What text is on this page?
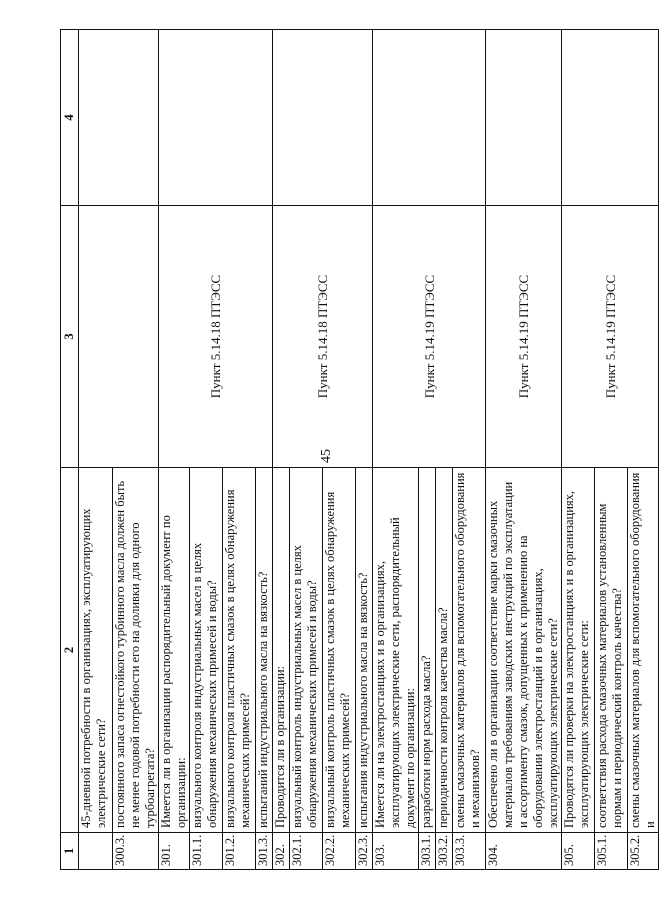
45
1	2	3	4
	45-дневной потребности в организациях, эксплуатирующих электрические сети?		
300.3.	постоянного запаса огнестойкого турбинного масла должен быть не менее годовой потребности его на доливки для одного турбоагрегата?		
301.	Имеется ли в организации распорядительный документ по организации:	Пункт 5.14.18 ПТЭСС	
301.1.	визуального контроля индустриальных масел в целях обнаружения механических примесей и воды?		
301.2.	визуального контроля пластичных смазок в целях обнаружения механических примесей?		
301.3.	испытаний индустриального масла на вязкость?		
302.	Проводится ли в организации:	Пункт 5.14.18 ПТЭСС	
302.1.	визуальный контроль индустриальных масел в целях обнаружения механических примесей и воды?		
302.2.	визуальный контроль пластичных смазок в целях обнаружения механических примесей?		
302.3.	испытания индустриального масла на вязкость?		
303.	Имеется ли на электростанциях и в организациях, эксплуатирующих электрические сети, распорядительный документ по организации:	Пункт 5.14.19 ПТЭСС	
303.1.	разработки норм расхода масла?		
303.2.	периодичности контроля качества масла?		
303.3.	смены смазочных материалов для вспомогательного оборудования и механизмов?		
304.	Обеспечено ли в организации соответствие марки смазочных материалов требованиям заводских инструкций по эксплуатации и ассортименту смазок, допущенных к применению на оборудовании электростанций и в организациях, эксплуатирующих электрические сети?	Пункт 5.14.19 ПТЭСС	
305.	Проводятся ли проверки на электростанциях и в организациях, эксплуатирующих электрические сети:	Пункт 5.14.19 ПТЭСС	
305.1.	соответствия расхода смазочных материалов установленным нормам и периодический контроль качества?		
305.2.	смены смазочных материалов для вспомогательного оборудования и		
